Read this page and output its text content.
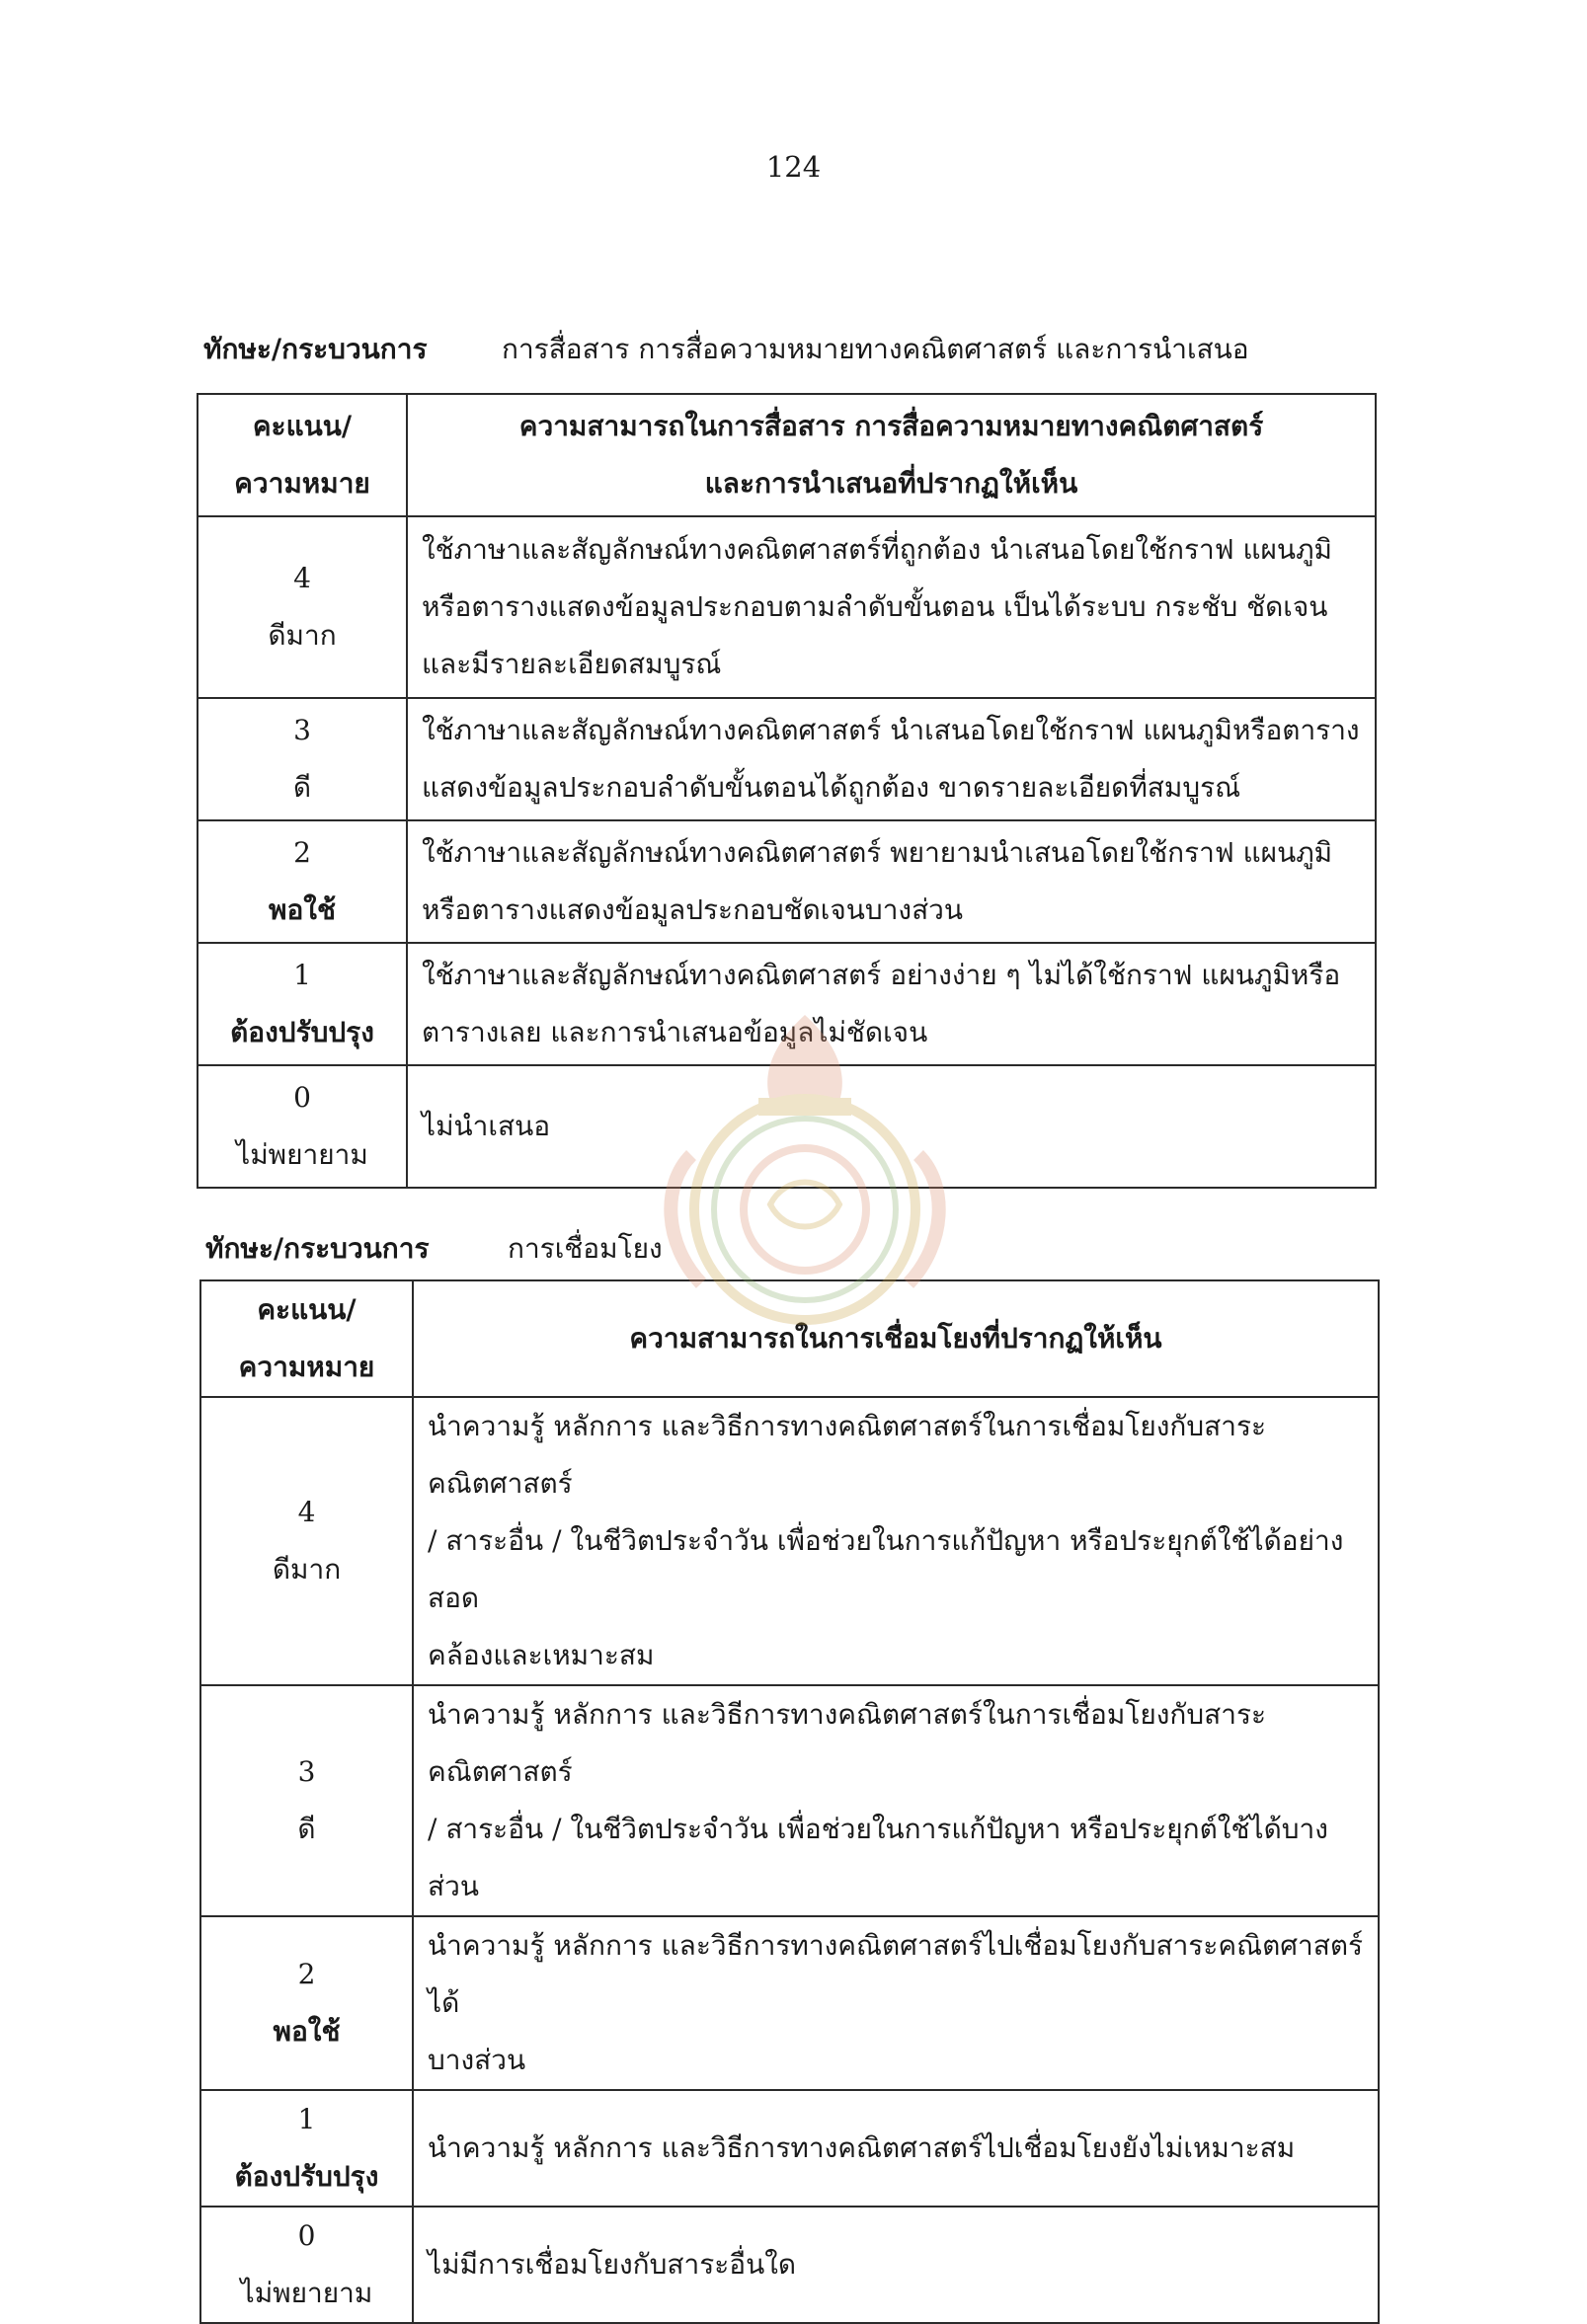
124
ทักษะ/กระบวนการ	การสื่อสาร การสื่อความหมายทางคณิตศาสตร์ และการนำเสนอ
คะแนน/
ความหมาย	ความสามารถในการสื่อสาร การสื่อความหมายทางคณิตศาสตร์
และการนำเสนอที่ปรากฏให้เห็น

4
ดีมาก	ใช้ภาษาและสัญลักษณ์ทางคณิตศาสตร์ที่ถูกต้อง นำเสนอโดยใช้กราฟ แผนภูมิ
หรือตารางแสดงข้อมูลประกอบตามลำดับขั้นตอน เป็นได้ระบบ กระชับ ชัดเจน
และมีรายละเอียดสมบูรณ์

3
ดี	ใช้ภาษาและสัญลักษณ์ทางคณิตศาสตร์ นำเสนอโดยใช้กราฟ แผนภูมิหรือตาราง
แสดงข้อมูลประกอบลำดับขั้นตอนได้ถูกต้อง ขาดรายละเอียดที่สมบูรณ์

2
พอใช้	ใช้ภาษาและสัญลักษณ์ทางคณิตศาสตร์ พยายามนำเสนอโดยใช้กราฟ แผนภูมิ
หรือตารางแสดงข้อมูลประกอบชัดเจนบางส่วน

1
ต้องปรับปรุง	ใช้ภาษาและสัญลักษณ์ทางคณิตศาสตร์ อย่างง่าย ๆ ไม่ได้ใช้กราฟ แผนภูมิหรือ
ตารางเลย และการนำเสนอข้อมูลไม่ชัดเจน

0
ไม่พยายาม	ไม่นำเสนอ
ทักษะ/กระบวนการ	การเชื่อมโยง
คะแนน/
ความหมาย	ความสามารถในการเชื่อมโยงที่ปรากฏให้เห็น

4
ดีมาก	นำความรู้ หลักการ และวิธีการทางคณิตศาสตร์ในการเชื่อมโยงกับสาระคณิตศาสตร์
/ สาระอื่น / ในชีวิตประจำวัน เพื่อช่วยในการแก้ปัญหา หรือประยุกต์ใช้ได้อย่างสอด
คล้องและเหมาะสม

3
ดี	นำความรู้ หลักการ และวิธีการทางคณิตศาสตร์ในการเชื่อมโยงกับสาระคณิตศาสตร์
/ สาระอื่น / ในชีวิตประจำวัน เพื่อช่วยในการแก้ปัญหา หรือประยุกต์ใช้ได้บางส่วน

2
พอใช้	นำความรู้ หลักการ และวิธีการทางคณิตศาสตร์ไปเชื่อมโยงกับสาระคณิตศาสตร์ได้
บางส่วน

1
ต้องปรับปรุง	นำความรู้ หลักการ และวิธีการทางคณิตศาสตร์ไปเชื่อมโยงยังไม่เหมาะสม

0
ไม่พยายาม	ไม่มีการเชื่อมโยงกับสาระอื่นใด
